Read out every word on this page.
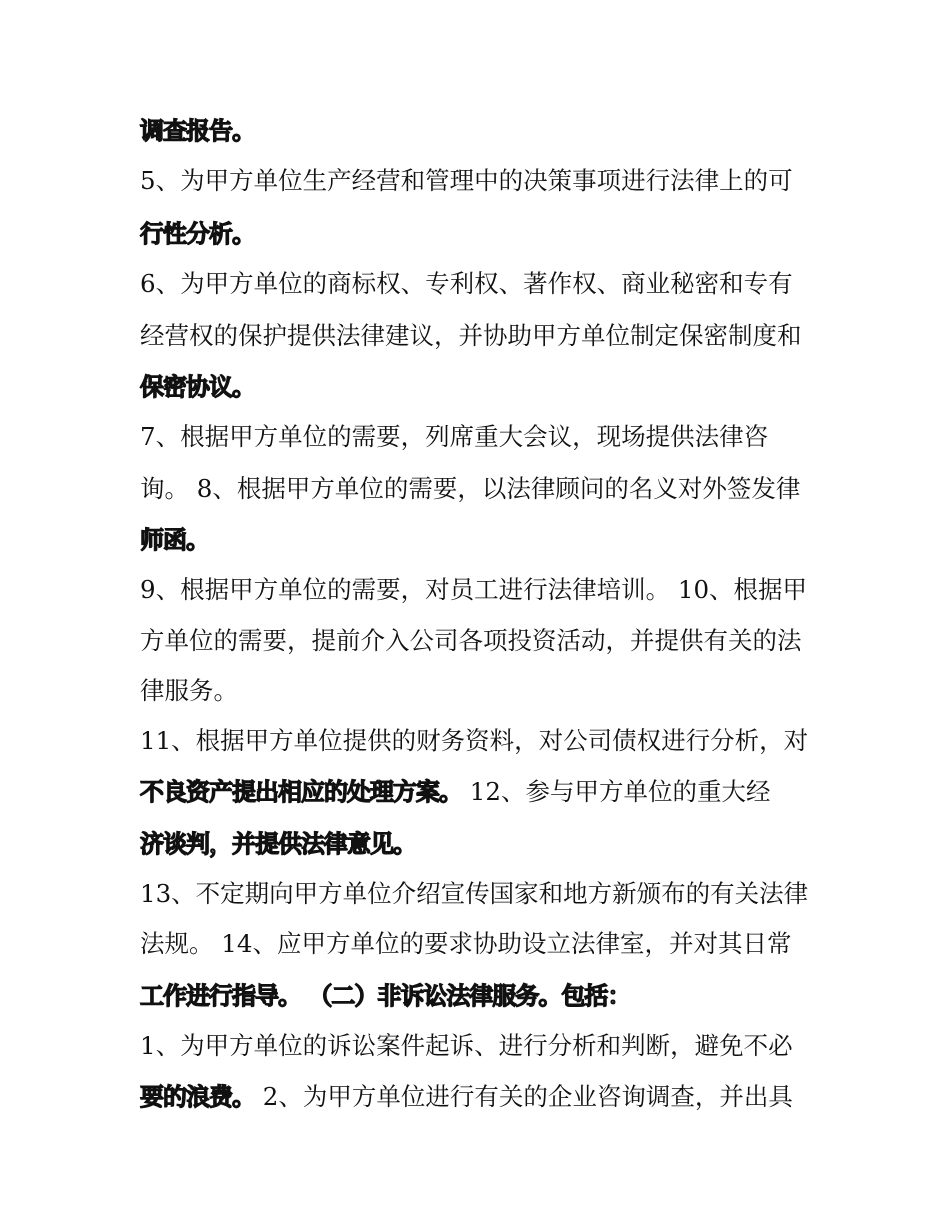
调查报告。
5、为甲方单位生产经营和管理中的决策事项进行法律上的可
行性分析。
6、为甲方单位的商标权、专利权、著作权、商业秘密和专有
经营权的保护提供法律建议，并协助甲方单位制定保密制度和
保密协议。
7、根据甲方单位的需要，列席重大会议，现场提供法律咨
询。 8、根据甲方单位的需要，以法律顾问的名义对外签发律
师函。
9、根据甲方单位的需要，对员工进行法律培训。 10、根据甲
方单位的需要，提前介入公司各项投资活动，并提供有关的法
律服务。
11、根据甲方单位提供的财务资料，对公司债权进行分析，对
不良资产提出相应的处理方案。 12、参与甲方单位的重大经
济谈判，并提供法律意见。
13、不定期向甲方单位介绍宣传国家和地方新颁布的有关法律
法规。 14、应甲方单位的要求协助设立法律室，并对其日常
工作进行指导。 （二）非诉讼法律服务。包括：
1、为甲方单位的诉讼案件起诉、进行分析和判断，避免不必
要的浪费。 2、为甲方单位进行有关的企业咨询调查，并出具
